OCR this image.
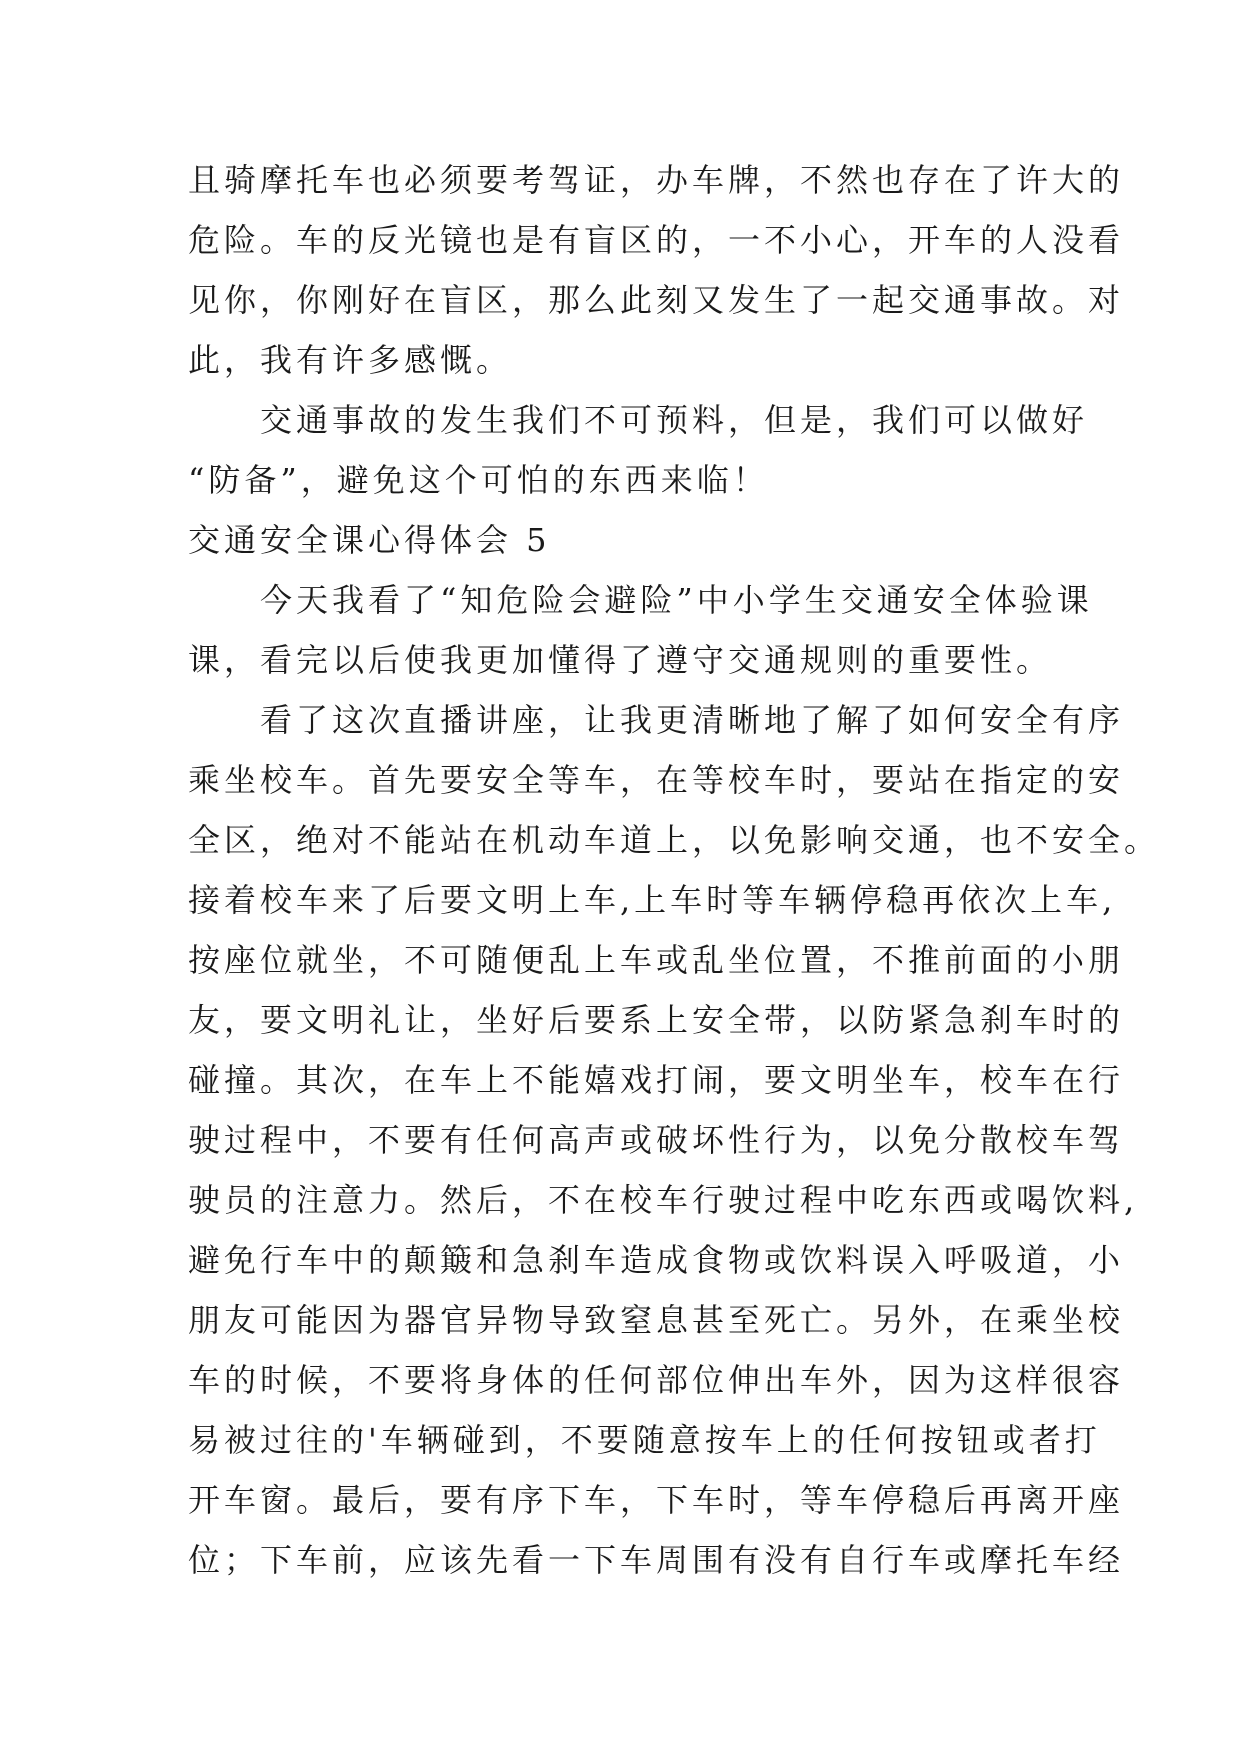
且骑摩托车也必须要考驾证，办车牌，不然也存在了许大的
危险。车的反光镜也是有盲区的，一不小心，开车的人没看
见你，你刚好在盲区，那么此刻又发生了一起交通事故。对
此，我有许多感慨。
交通事故的发生我们不可预料，但是，我们可以做好
“防备”，避免这个可怕的东西来临！
交通安全课心得体会 5
今天我看了“知危险会避险”中小学生交通安全体验课
课，看完以后使我更加懂得了遵守交通规则的重要性。
看了这次直播讲座，让我更清晰地了解了如何安全有序
乘坐校车。首先要安全等车，在等校车时，要站在指定的安
全区，绝对不能站在机动车道上，以免影响交通，也不安全。
接着校车来了后要文明上车,上车时等车辆停稳再依次上车,
按座位就坐，不可随便乱上车或乱坐位置，不推前面的小朋
友，要文明礼让，坐好后要系上安全带，以防紧急刹车时的
碰撞。其次，在车上不能嬉戏打闹，要文明坐车，校车在行
驶过程中，不要有任何高声或破坏性行为，以免分散校车驾
驶员的注意力。然后，不在校车行驶过程中吃东西或喝饮料,
避免行车中的颠簸和急刹车造成食物或饮料误入呼吸道，小
朋友可能因为器官异物导致窒息甚至死亡。另外，在乘坐校
车的时候，不要将身体的任何部位伸出车外，因为这样很容
易被过往的'车辆碰到，不要随意按车上的任何按钮或者打
开车窗。最后，要有序下车，下车时，等车停稳后再离开座
位；下车前，应该先看一下车周围有没有自行车或摩托车经
